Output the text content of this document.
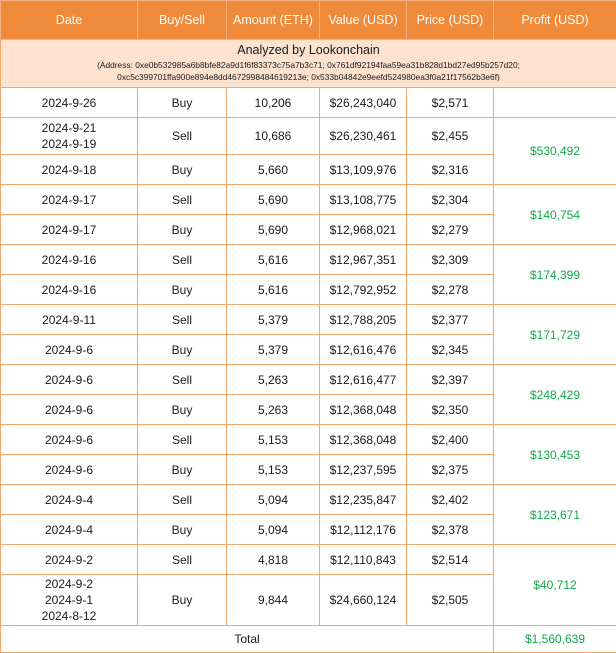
Date	Buy/Sell	Amount (ETH)	Value (USD)	Price (USD)	Profit (USD)

Analyzed by Lookonchain
(Address: 0xe0b532985a6b8bfe82a9d1f6f83373c75a7b3c71; 0x761df92194faa59ea31b828d1bd27ed95b257d20;
0xc5c399701ffa900e894e8dd4672998484619213e; 0x533b04842e9eefd524980ea3f0a21f17562b3e6f)					

2024-9-26	Buy	10,206	$26,243,040	$2,571	

2024-9-21
2024-9-19	Sell	10,686	$26,230,461	$2,455	$530,492

2024-9-18	Buy	5,660	$13,109,976	$2,316	

2024-9-17	Sell	5,690	$13,108,775	$2,304	$140,754

2024-9-17	Buy	5,690	$12,968,021	$2,279	

2024-9-16	Sell	5,616	$12,967,351	$2,309	$174,399

2024-9-16	Buy	5,616	$12,792,952	$2,278	

2024-9-11	Sell	5,379	$12,788,205	$2,377	$171,729

2024-9-6	Buy	5,379	$12,616,476	$2,345	

2024-9-6	Sell	5,263	$12,616,477	$2,397	$248,429

2024-9-6	Buy	5,263	$12,368,048	$2,350	

2024-9-6	Sell	5,153	$12,368,048	$2,400	$130,453

2024-9-6	Buy	5,153	$12,237,595	$2,375	

2024-9-4	Sell	5,094	$12,235,847	$2,402	$123,671

2024-9-4	Buy	5,094	$12,112,176	$2,378	

2024-9-2	Sell	4,818	$12,110,843	$2,514	$40,712

2024-9-2
2024-9-1
2024-8-12	Buy	9,844	$24,660,124	$2,505	
Total					$1,560,639
